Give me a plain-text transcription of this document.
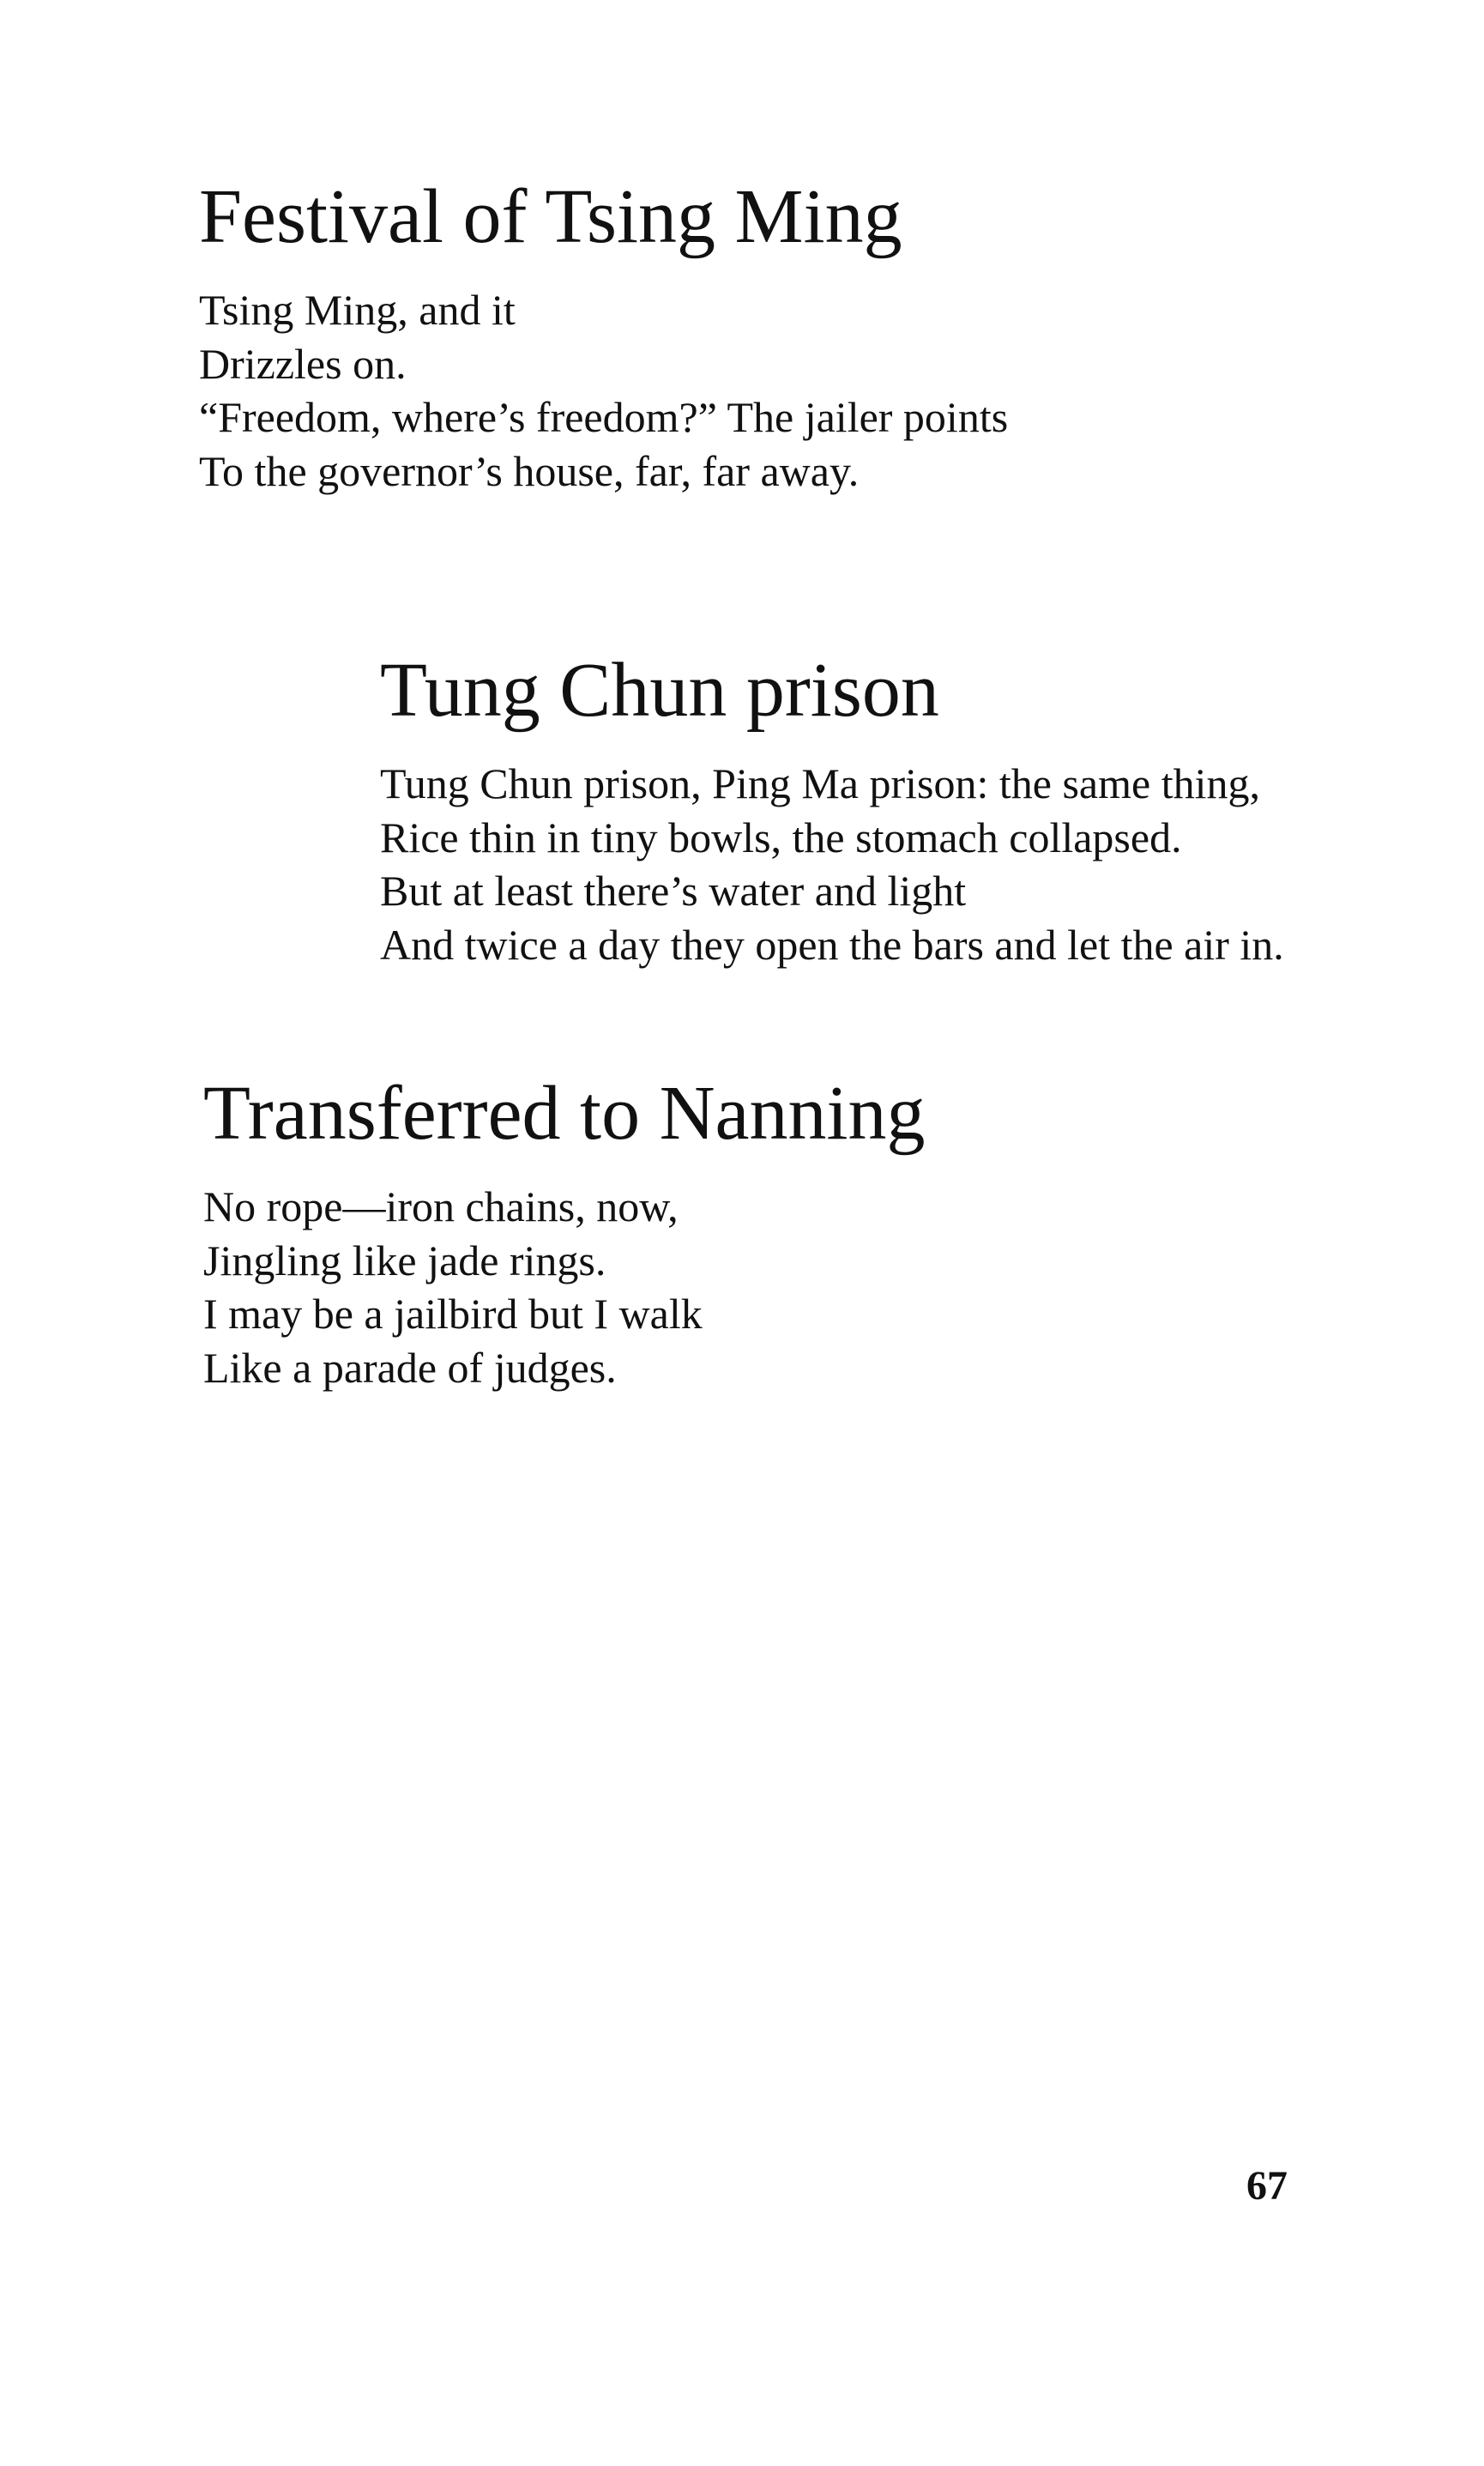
Festival of Tsing Ming
Tsing Ming, and it
Drizzles on.
“Freedom, where’s freedom?” The jailer points
To the governor’s house, far, far away.
Tung Chun prison
Tung Chun prison, Ping Ma prison: the same thing,
Rice thin in tiny bowls, the stomach collapsed.
But at least there’s water and light
And twice a day they open the bars and let the air in.
Transferred to Nanning
No rope—iron chains, now,
Jingling like jade rings.
I may be a jailbird but I walk
Like a parade of judges.
67
